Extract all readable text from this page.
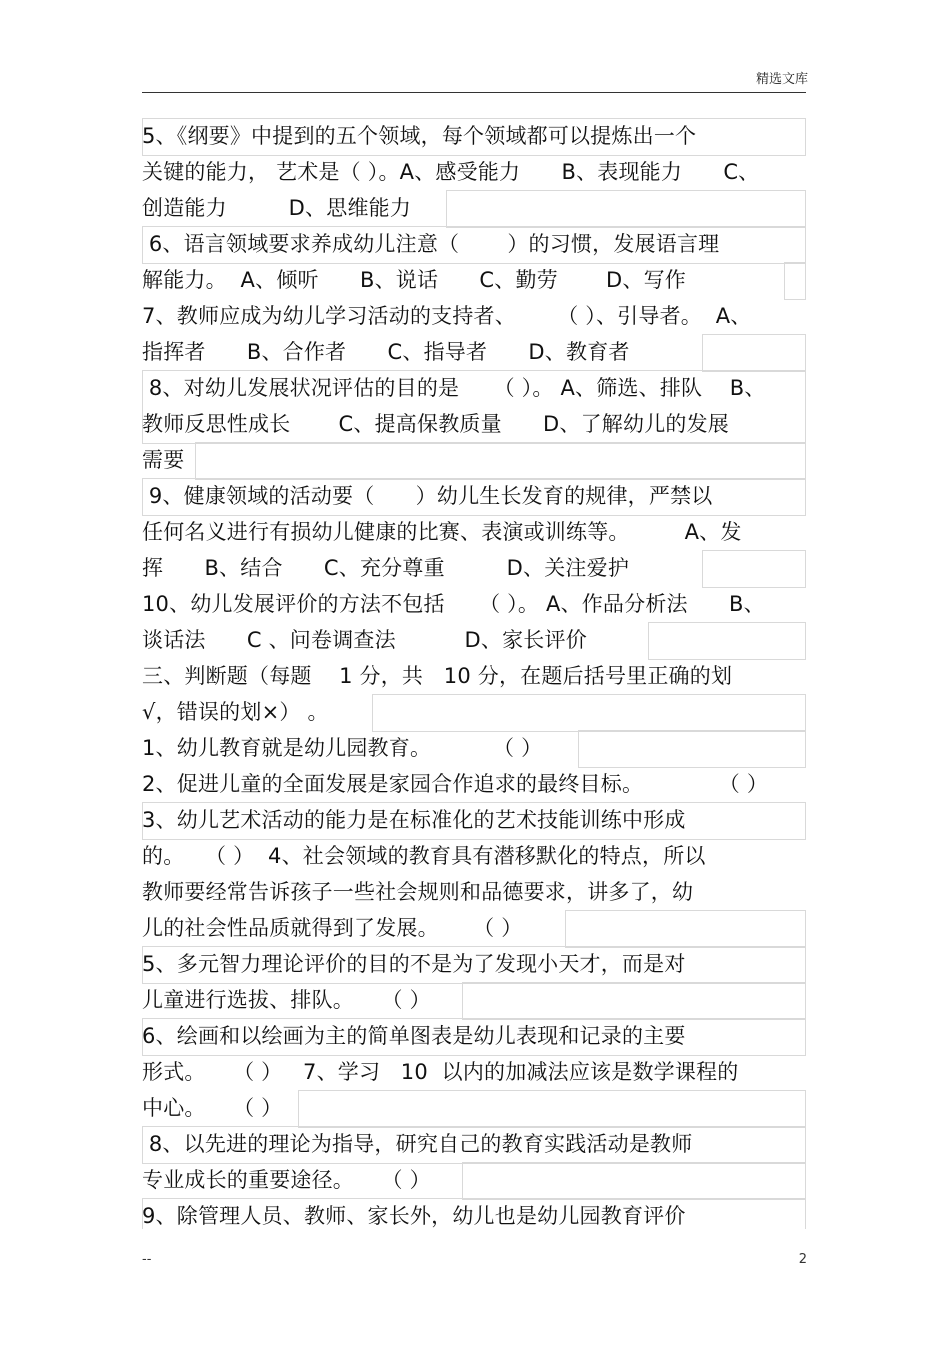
精选文库
5、《纲要》中提到的五个领域，每个领域都可以提炼出一个
关键的能力， 艺术是（ ）。A、感受能力      B、表现能力      C、
创造能力         D、思维能力
6、语言领域要求养成幼儿注意（       ）的习惯，发展语言理
解能力。  A、倾听      B、说话      C、勤劳       D、写作
7、教师应成为幼儿学习活动的支持者、      （ ）、引导者。  A、
指挥者      B、合作者      C、指导者      D、教育者
8、对幼儿发展状况评估的目的是     （ ）。 A、筛选、排队    B、
教师反思性成长       C、提高保教质量      D、了解幼儿的发展
需要
9、健康领域的活动要（      ）幼儿生长发育的规律，严禁以
任何名义进行有损幼儿健康的比赛、表演或训练等。        A、发
挥      B、结合      C、充分尊重         D、关注爱护
10、幼儿发展评价的方法不包括     （ ）。 A、作品分析法      B、
谈话法      C 、问卷调查法          D、家长评价
三、判断题（每题    1 分，共   10 分，在题后括号里正确的划
√，错误的划×） 。
1、幼儿教育就是幼儿园教育。         （ ）
2、促进儿童的全面发展是家园合作追求的最终目标。           （ ）
3、幼儿艺术活动的能力是在标准化的艺术技能训练中形成
的。   （ ）  4、社会领域的教育具有潜移默化的特点，所以
教师要经常告诉孩子一些社会规则和品德要求，讲多了，幼
儿的社会性品质就得到了发展。     （ ）
5、多元智力理论评价的目的不是为了发现小天才，而是对
儿童进行选拔、排队。    （ ）
6、绘画和以绘画为主的简单图表是幼儿表现和记录的主要
形式。    （ ）   7、学习   10  以内的加减法应该是数学课程的
中心。    （ ）
8、以先进的理论为指导，研究自己的教育实践活动是教师
专业成长的重要途径。    （ ）
9、除管理人员、教师、家长外，幼儿也是幼儿园教育评价
--	2
